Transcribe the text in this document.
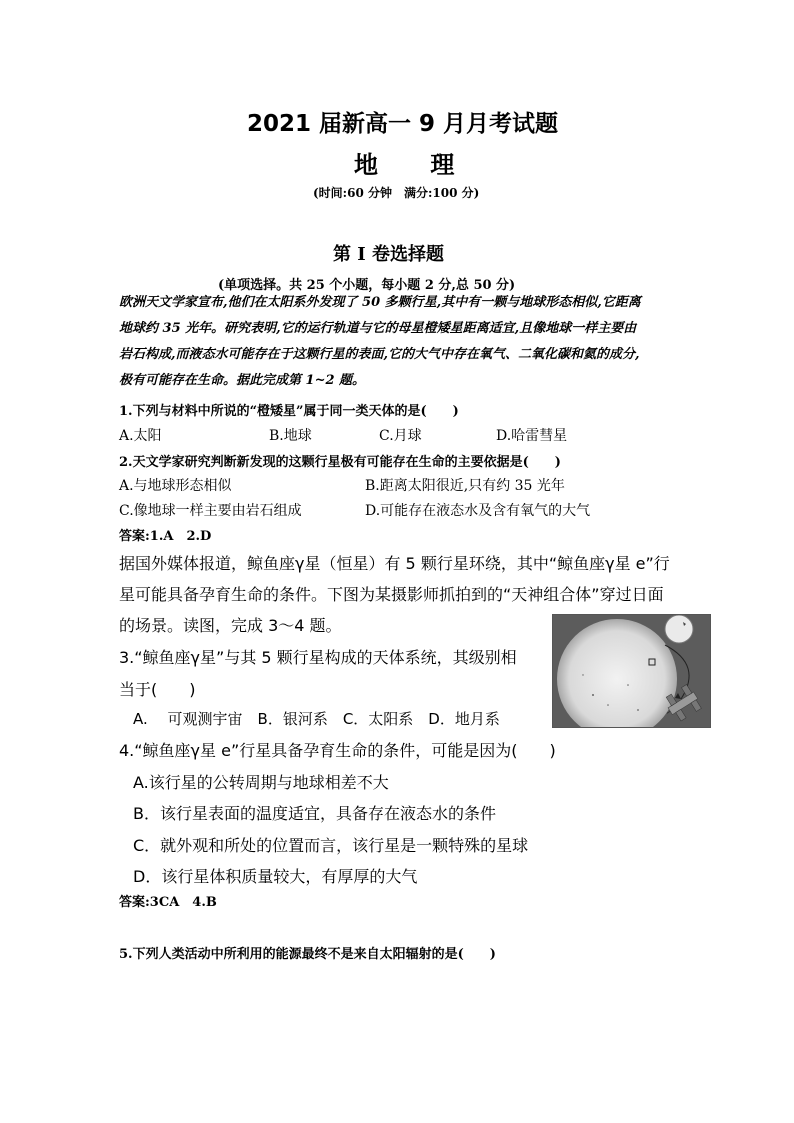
2021 届新高一 9 月月考试题
地 理
(时间:60 分钟　满分:100 分)
第 Ⅰ 卷选择题
(单项选择。共 25 个小题，每小题 2 分,总 50 分)
欧洲天文学家宣布,他们在太阳系外发现了 50 多颗行星,其中有一颗与地球形态相似,它距离
地球约 35 光年。研究表明,它的运行轨道与它的母星橙矮星距离适宜,且像地球一样主要由
岩石构成,而液态水可能存在于这颗行星的表面,它的大气中存在氧气、二氧化碳和氦的成分,
极有可能存在生命。据此完成第 1~2 题。
1.下列与材料中所说的“橙矮星”属于同一类天体的是(　　)
A.太阳	B.地球	C.月球	D.哈雷彗星
2.天文学家研究判断新发现的这颗行星极有可能存在生命的主要依据是(　　)
A.与地球形态相似	B.距离太阳很近,只有约 35 光年
C.像地球一样主要由岩石组成	D.可能存在液态水及含有氧气的大气
答案:1.A　2.D
据国外媒体报道，鲸鱼座γ星（恒星）有 5 颗行星环绕，其中“鲸鱼座γ星 e”行
星可能具备孕育生命的条件。下图为某摄影师抓拍到的“天神组合体”穿过日面
的场景。读图，完成 3～4 题。
3.“鲸鱼座γ星”与其 5 颗行星构成的天体系统，其级别相
当于(　　)
A.　 可观测宇宙　B．银河系　C．太阳系　D．地月系
4.“鲸鱼座γ星 e”行星具备孕育生命的条件，可能是因为(　　)
A.该行星的公转周期与地球相差不大
B．该行星表面的温度适宜，具备存在液态水的条件
C．就外观和所处的位置而言，该行星是一颗特殊的星球
D．该行星体积质量较大，有厚厚的大气
答案:3CA　4.B
5.下列人类活动中所利用的能源最终不是来自太阳辐射的是(　　)
